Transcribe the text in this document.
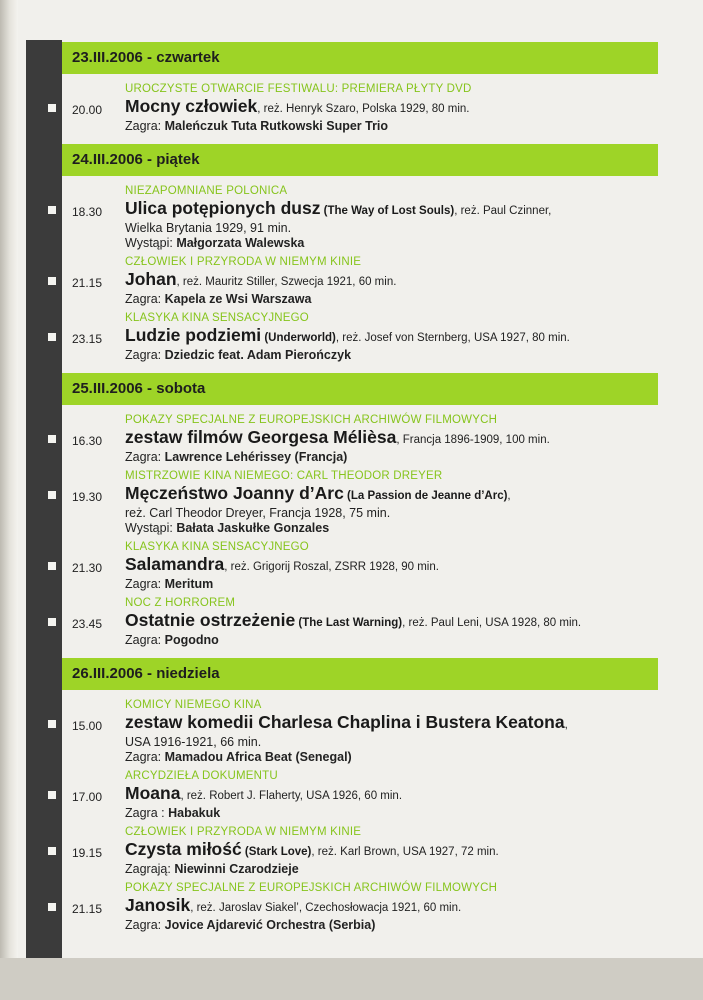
23.III.2006 - czwartek
UROCZYSTE OTWARCIE FESTIWALU: PREMIERA PŁYTY DVD
20.00	Mocny człowiek, reż. Henryk Szaro, Polska 1929, 80 min.
Zagra: Maleńczuk Tuta Rutkowski Super Trio
24.III.2006 - piątek
NIEZAPOMNIANE POLONICA
18.30	Ulica potępionych dusz (The Way of Lost Souls), reż. Paul Czinner,
Wielka Brytania 1929, 91 min.
Wystąpi: Małgorzata Walewska
CZŁOWIEK I PRZYRODA W NIEMYM KINIE
21.15	Johan, reż. Mauritz Stiller, Szwecja 1921, 60 min.
Zagra: Kapela ze Wsi Warszawa
KLASYKA KINA SENSACYJNEGO
23.15	Ludzie podziemi (Underworld), reż. Josef von Sternberg, USA 1927, 80 min.
Zagra: Dziedzic feat. Adam Pierończyk
25.III.2006 - sobota
POKAZY SPECJALNE Z EUROPEJSKICH ARCHIWÓW FILMOWYCH
16.30	zestaw filmów Georgesa Mélièsa, Francja 1896-1909, 100 min.
Zagra: Lawrence Lehérissey (Francja)
MISTRZOWIE KINA NIEMEGO: CARL THEODOR DREYER
19.30	Męczeństwo Joanny d’Arc (La Passion de Jeanne d’Arc),
reż. Carl Theodor Dreyer, Francja 1928, 75 min.
Wystąpi: Bałata Jaskułke Gonzales
KLASYKA KINA SENSACYJNEGO
21.30	Salamandra, reż. Grigorij Roszal, ZSRR 1928, 90 min.
Zagra: Meritum
NOC Z HORROREM
23.45	Ostatnie ostrzeżenie (The Last Warning), reż. Paul Leni, USA 1928, 80 min.
Zagra: Pogodno
26.III.2006 - niedziela
KOMICY NIEMEGO KINA
15.00	zestaw komedii Charlesa Chaplina i Bustera Keatona,
USA 1916-1921, 66 min.
Zagra: Mamadou Africa Beat (Senegal)
ARCYDZIEŁA DOKUMENTU
17.00	Moana, reż. Robert J. Flaherty, USA 1926, 60 min.
Zagra : Habakuk
CZŁOWIEK I PRZYRODA W NIEMYM KINIE
19.15	Czysta miłość (Stark Love), reż. Karl Brown, USA 1927, 72 min.
Zagrają: Niewinni Czarodzieje
POKAZY SPECJALNE Z EUROPEJSKICH ARCHIWÓW FILMOWYCH
21.15	Janosik, reż. Jaroslav Siakel’, Czechosłowacja 1921, 60 min.
Zagra: Jovice Ajdarević Orchestra (Serbia)
